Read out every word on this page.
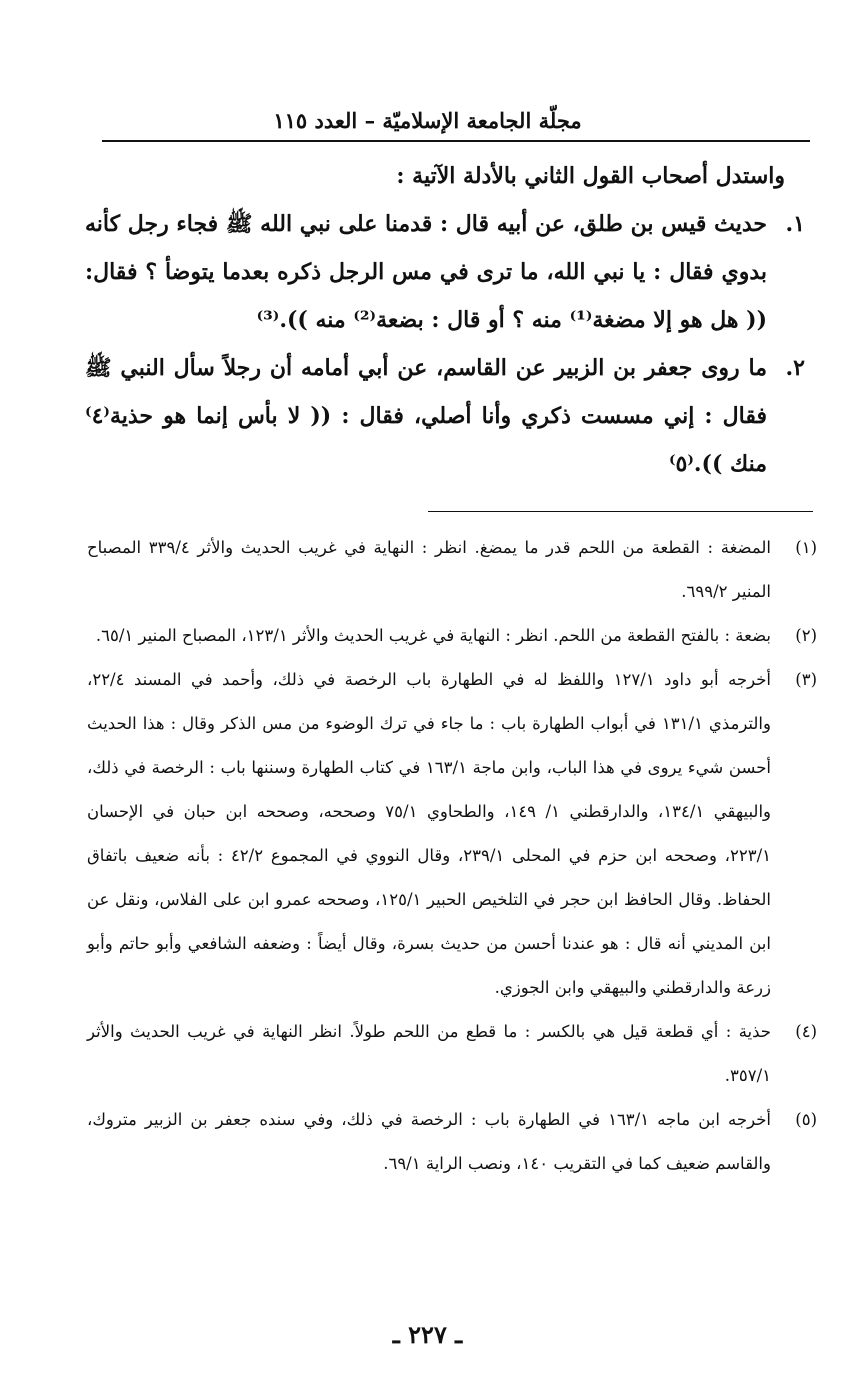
مجلّة الجامعة الإسلاميّة – العدد ١١٥

واستدل أصحاب القول الثاني بالأدلة الآتية :

١.
حديث قيس بن طلق، عن أبيه قال : قدمنا على نبي الله ﷺ فجاء رجل كأنه بدوي فقال : يا نبي الله، ما ترى في مس الرجل ذكره بعدما يتوضأ ؟ فقال:(( هل هو إلا مضغة⁽¹⁾ منه ؟ أو قال : بضعة⁽²⁾ منه )).⁽³⁾
٢.
ما روى جعفر بن الزبير عن القاسم، عن أبي أمامه أن رجلاً سأل النبي ﷺ فقال : إني مسست ذكري وأنا أصلي، فقال : (( لا بأس إنما هو حذية⁽٤⁾ منك )).⁽٥⁾
(١)
المضغة : القطعة من اللحم قدر ما يمضغ. انظر : النهاية في غريب الحديث والأثر ٣٣٩/٤ المصباح المنير ٦٩٩/٢.
(٢)
بضعة : بالفتح القطعة من اللحم. انظر : النهاية في غريب الحديث والأثر ١٢٣/١، المصباح المنير ٦٥/١.
(٣)
أخرجه أبو داود ١٢٧/١ واللفظ له في الطهارة باب الرخصة في ذلك، وأحمد في المسند ٢٢/٤، والترمذي ١٣١/١ في أبواب الطهارة باب : ما جاء في ترك الوضوء من مس الذكر وقال : هذا الحديث أحسن شيء يروى في هذا الباب، وابن ماجة ١٦٣/١ في كتاب الطهارة وسننها باب : الرخصة في ذلك، والبيهقي ١٣٤/١، والدارقطني ١/ ١٤٩، والطحاوي ٧٥/١ وصححه، وصححه ابن حبان في الإحسان ٢٢٣/١، وصححه ابن حزم في المحلى ٢٣٩/١، وقال النووي في المجموع ٤٢/٢ : بأنه ضعيف باتفاق الحفاظ. وقال الحافظ ابن حجر في التلخيص الحبير ١٢٥/١، وصححه عمرو ابن على الفلاس، ونقل عن ابن المديني أنه قال : هو عندنا أحسن من حديث بسرة، وقال أيضاً : وضعفه الشافعي وأبو حاتم وأبو زرعة والدارقطني والبيهقي وابن الجوزي.
(٤)
حذية : أي قطعة قيل هي بالكسر : ما قطع من اللحم طولاً. انظر النهاية في غريب الحديث والأثر ٣٥٧/١.
(٥)
أخرجه ابن ماجه ١٦٣/١ في الطهارة باب : الرخصة في ذلك، وفي سنده جعفر بن الزبير متروك، والقاسم ضعيف كما في التقريب ١٤٠، ونصب الراية ٦٩/١.
ـ ٢٢٧ ـ
